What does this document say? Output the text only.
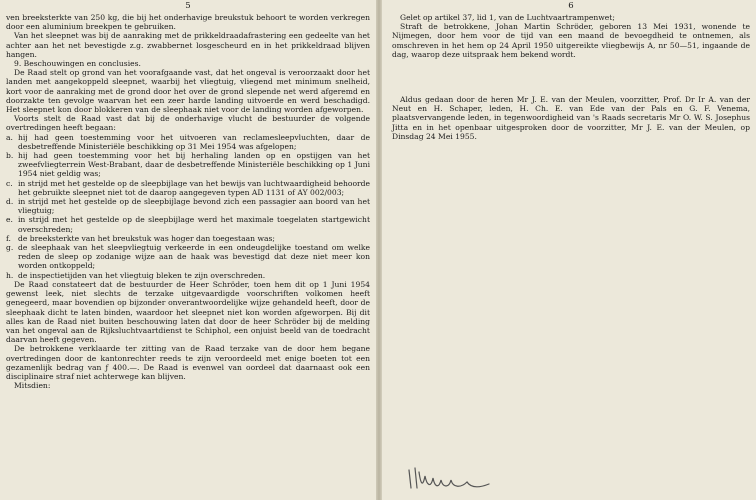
5

ven breeksterkte van 250 kg, die bij het onderhavige breukstuk behoort te worden verkregen door een aluminium breekpen te gebruiken.

Van het sleepnet was bij de aanraking met de prikkeldraadafrastering een gedeelte van het achter aan het net bevestigde z.g. zwabbernet losgescheurd en in het prikkeldraad blijven hangen.

9. Beschouwingen en conclusies.

De Raad stelt op grond van het voorafgaande vast, dat het ongeval is veroorzaakt door het landen met aangekoppeld sleepnet, waarbij het vliegtuig, vliegend met minimum snelheid, kort voor de aanraking met de grond door het over de grond slepende net werd afgeremd en doorzakte ten gevolge waarvan het een zeer harde landing uitvoerde en werd beschadigd. Het sleepnet kon door blokkeren van de sleephaak niet voor de landing worden afgeworpen.

Voorts stelt de Raad vast dat bij de onderhavige vlucht de bestuurder de volgende overtredingen heeft begaan:

a. hij had geen toestemming voor het uitvoeren van reclamesleepvluchten, daar de desbetreffende Ministeriële beschikking op 31 Mei 1954 was afgelopen;
b. hij had geen toestemming voor het bij herhaling landen op en opstijgen van het zweefvliegterrein West-Brabant, daar de desbetreffende Ministeriële beschikking op 1 Juni 1954 niet geldig was;
c. in strijd met het gestelde op de sleepbijlage van het bewijs van luchtwaardigheid behoorde het gebruikte sleepnet niet tot de daarop aangegeven typen AD 1131 of AY 002/003;
d. in strijd met het gestelde op de sleepbijlage bevond zich een passagier aan boord van het vliegtuig;
e. in strijd met het gestelde op de sleepbijlage werd het maximale toegelaten startgewicht overschreden;
f. de breeksterkte van het breukstuk was hoger dan toegestaan was;
g. de sleephaak van het sleepvliegtuig verkeerde in een ondeugdelijke toestand om welke reden de sleep op zodanige wijze aan de haak was bevestigd dat deze niet meer kon worden ontkoppeld;
h. de inspectietijden van het vliegtuig bleken te zijn overschreden.

De Raad constateert dat de bestuurder de Heer Schröder, toen hem dit op 1 Juni 1954 gewenst leek, niet slechts de terzake uitgevaardigde voorschriften volkomen heeft genegeerd, maar bovendien op bijzonder onverantwoordelijke wijze gehandeld heeft, door de sleephaak dicht te laten binden, waardoor het sleepnet niet kon worden afgeworpen. Bij dit alles kan de Raad niet buiten beschouwing laten dat door de heer Schröder bij de melding van het ongeval aan de Rijksluchtvaartdienst te Schiphol, een onjuist beeld van de toedracht daarvan heeft gegeven.

De betrokkene verklaarde ter zitting van de Raad terzake van de door hem begane overtredingen door de kantonrechter reeds te zijn veroordeeld met enige boeten tot een gezamenlijk bedrag van ƒ 400.—. De Raad is evenwel van oordeel dat daarnaast ook een disciplinaire straf niet achterwege kan blijven.

Mitsdien:

6

Gelet op artikel 37, lid 1, van de Luchtvaartrampenwet;

Straft de betrokkene, Johan Martin Schröder, geboren 13 Mei 1931, wonende te Nijmegen, door hem voor de tijd van een maand de bevoegdheid te ontnemen, als omschreven in het hem op 24 April 1950 uitgereikte vliegbewijs A, nr 50—51, ingaande de dag, waarop deze uitspraak hem bekend wordt.

Aldus gedaan door de heren Mr J. E. van der Meulen, voorzitter, Prof. Dr Ir A. van der Neut en H. Schaper, leden, H. Ch. E. van Ede van der Pals en G. F. Venema, plaatsvervangende leden, in tegenwoordigheid van 's Raads secretaris Mr O. W. S. Josephus Jitta en in het openbaar uitgesproken door de voorzitter, Mr J. E. van der Meulen, op Dinsdag 24 Mei 1955.
